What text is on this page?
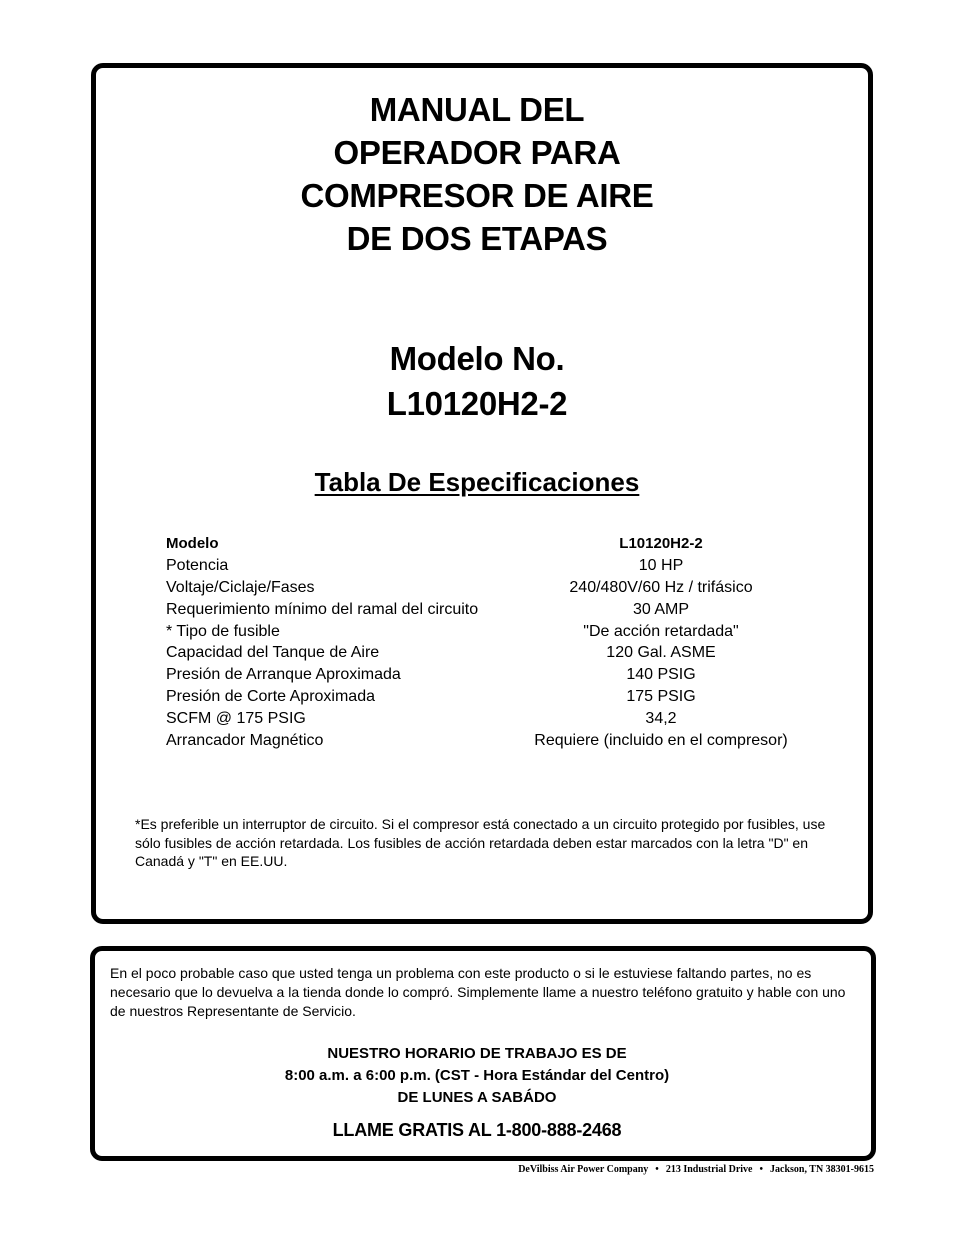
MANUAL DEL
OPERADOR PARA
COMPRESOR DE AIRE
DE DOS ETAPAS
Modelo No.
L10120H2-2
Tabla De Especificaciones
Modelo	L10120H2-2
Potencia	10 HP
Voltaje/Ciclaje/Fases	240/480V/60 Hz / trifásico
Requerimiento mínimo del ramal del circuito	30 AMP
* Tipo de fusible	"De acción retardada"
Capacidad del Tanque de Aire	120 Gal. ASME
Presión de Arranque Aproximada	140 PSIG
Presión de Corte Aproximada	175 PSIG
SCFM @ 175 PSIG	34,2
Arrancador Magnético	Requiere (incluido en el compresor)

*Es preferible un interruptor de circuito. Si el compresor está conectado a un circuito protegido por fusibles, use sólo fusibles de acción retardada. Los fusibles de acción retardada deben estar marcados con la letra "D" en Canadá y "T" en EE.UU.

En el poco probable caso que usted tenga un problema con este producto o si le estuviese faltando partes, no es necesario que lo devuelva a la tienda donde lo compró. Simplemente llame a nuestro teléfono gratuito y hable con uno de nuestros Representante de Servicio.

NUESTRO HORARIO DE TRABAJO ES DE
8:00 a.m. a 6:00 p.m. (CST - Hora Estándar del Centro)
DE LUNES A SABÁDO
LLAME GRATIS AL 1-800-888-2468
DeVilbiss Air Power Company • 213 Industrial Drive • Jackson, TN 38301-9615
